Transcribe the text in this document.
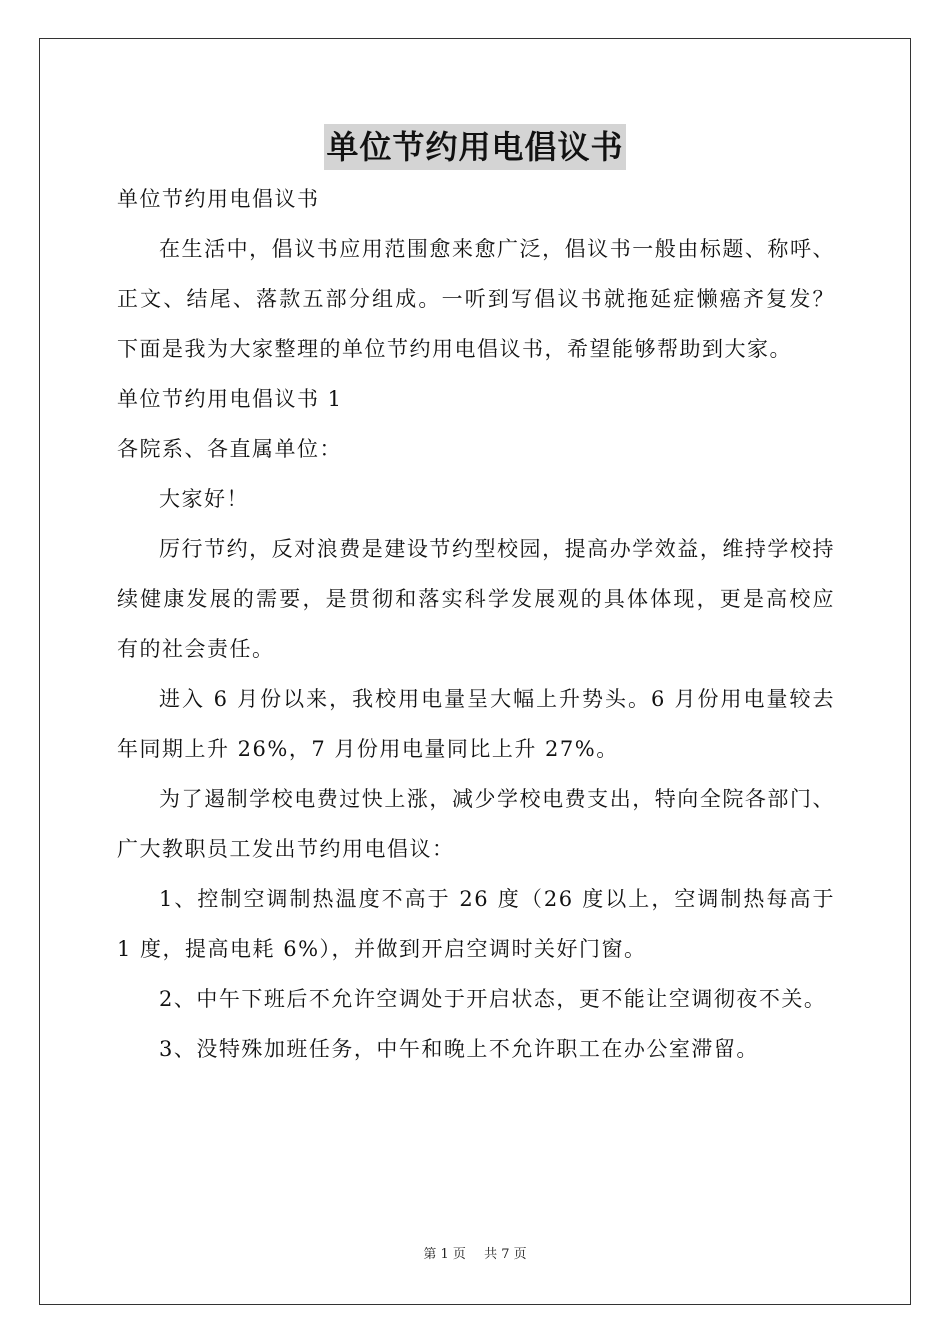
单位节约用电倡议书

单位节约用电倡议书

在生活中，倡议书应用范围愈来愈广泛，倡议书一般由标题、称呼、正文、结尾、落款五部分组成。一听到写倡议书就拖延症懒癌齐复发？下面是我为大家整理的单位节约用电倡议书，希望能够帮助到大家。

单位节约用电倡议书 1

各院系、各直属单位：

大家好！

厉行节约，反对浪费是建设节约型校园，提高办学效益，维持学校持续健康发展的需要，是贯彻和落实科学发展观的具体体现，更是高校应有的社会责任。

进入 6 月份以来，我校用电量呈大幅上升势头。6 月份用电量较去年同期上升 26%，7 月份用电量同比上升 27%。

为了遏制学校电费过快上涨，减少学校电费支出，特向全院各部门、广大教职员工发出节约用电倡议：

1、控制空调制热温度不高于 26 度（26 度以上，空调制热每高于 1 度，提高电耗 6%），并做到开启空调时关好门窗。

2、中午下班后不允许空调处于开启状态，更不能让空调彻夜不关。

3、没特殊加班任务，中午和晚上不允许职工在办公室滞留。

第 1 页 共 7 页
